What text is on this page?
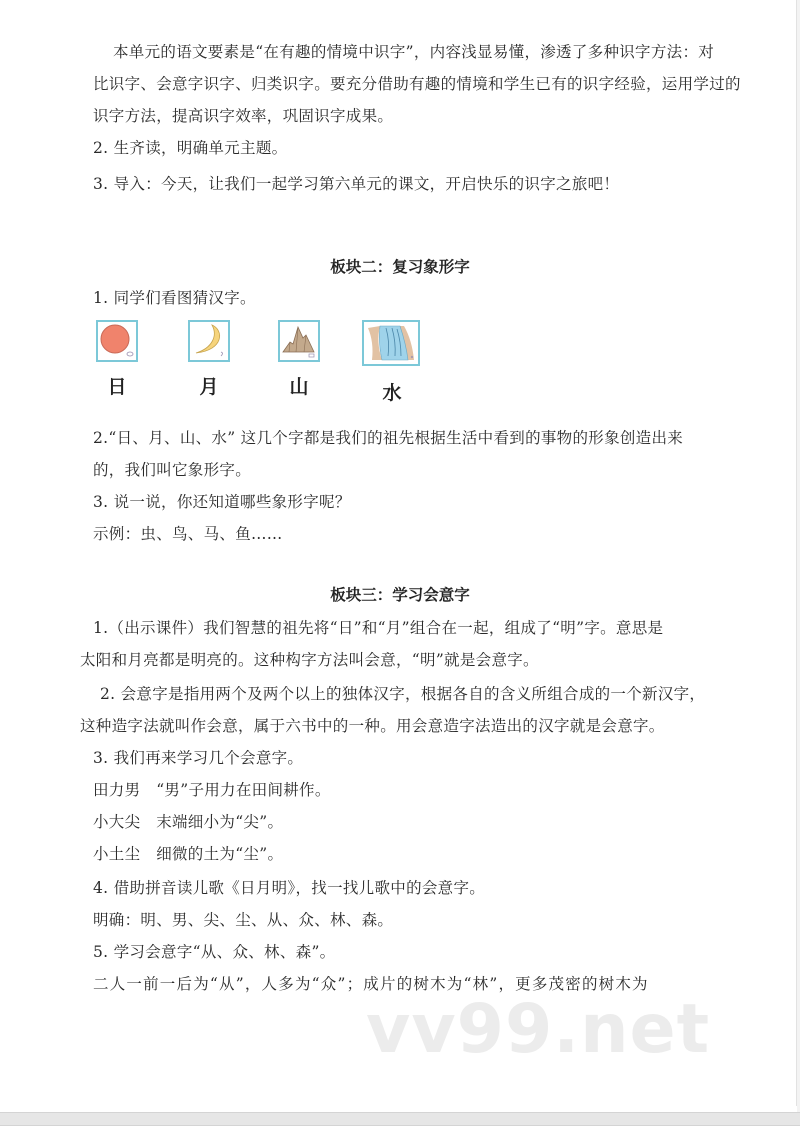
本单元的语文要素是“在有趣的情境中识字”，内容浅显易懂，渗透了多种识字方法：对

比识字、会意字识字、归类识字。要充分借助有趣的情境和学生已有的识字经验，运用学过的

识字方法，提高识字效率，巩固识字成果。

2. 生齐读，明确单元主题。

3. 导入：今天，让我们一起学习第六单元的课文，开启快乐的识字之旅吧！

板块二：复习象形字

1. 同学们看图猜汉字。

日	月	山	水

2.“日、月、山、水” 这几个字都是我们的祖先根据生活中看到的事物的形象创造出来

的，我们叫它象形字。

3. 说一说，你还知道哪些象形字呢？

示例：虫、鸟、马、鱼……

板块三：学习会意字

1.（出示课件）我们智慧的祖先将“日”和“月”组合在一起，组成了“明”字。意思是

太阳和月亮都是明亮的。这种构字方法叫会意，“明”就是会意字。

2. 会意字是指用两个及两个以上的独体汉字，根据各自的含义所组合成的一个新汉字，

这种造字法就叫作会意，属于六书中的一种。用会意造字法造出的汉字就是会意字。

3. 我们再来学习几个会意字。

田力男　“男”子用力在田间耕作。

小大尖　末端细小为“尖”。

小土尘　细微的土为“尘”。

4. 借助拼音读儿歌《日月明》，找一找儿歌中的会意字。

明确：明、男、尖、尘、从、众、林、森。

5. 学习会意字“从、众、林、森”。

二人一前一后为“从”，人多为“众”；成片的树木为“林”，更多茂密的树木为

vv99.net
